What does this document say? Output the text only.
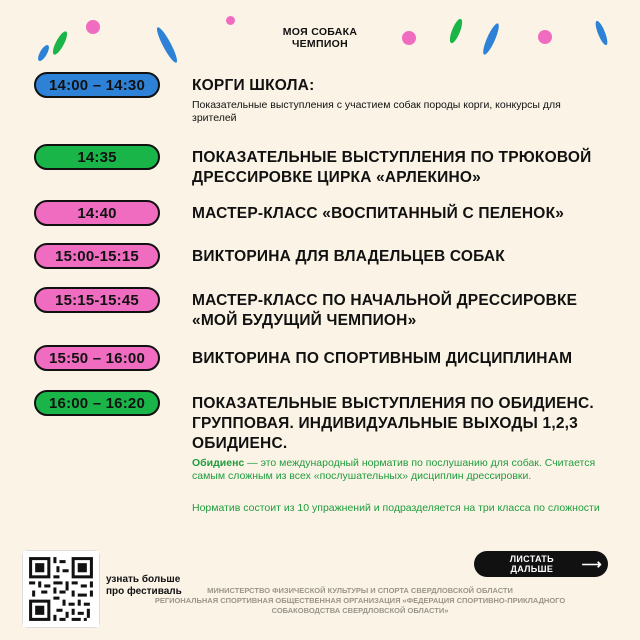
МОЯ СОБАКА
ЧЕМПИОН
14:00 – 14:30	КОРГИ ШКОЛА:
Показательные выступления с участием собак породы корги, конкурсы для зрителей
14:35	ПОКАЗАТЕЛЬНЫЕ ВЫСТУПЛЕНИЯ ПО ТРЮКОВОЙ ДРЕССИРОВКЕ ЦИРКА «АРЛЕКИНО»
14:40	МАСТЕР-КЛАСС «ВОСПИТАННЫЙ С ПЕЛЕНОК»
15:00-15:15	ВИКТОРИНА ДЛЯ ВЛАДЕЛЬЦЕВ СОБАК
15:15-15:45	МАСТЕР-КЛАСС ПО НАЧАЛЬНОЙ ДРЕССИРОВКЕ «МОЙ БУДУЩИЙ ЧЕМПИОН»
15:50 – 16:00	ВИКТОРИНА ПО СПОРТИВНЫМ ДИСЦИПЛИНАМ
16:00 – 16:20	ПОКАЗАТЕЛЬНЫЕ ВЫСТУПЛЕНИЯ ПО ОБИДИЕНС. ГРУППОВАЯ. ИНДИВИДУАЛЬНЫЕ ВЫХОДЫ 1,2,3 ОБИДИЕНС.
Обидиенс — это международный норматив по послушанию для собак. Считается самым сложным из всех «послушательных» дисциплин дрессировки.
Норматив состоит из 10 упражнений и подразделяется на три класса по сложности
узнать больше
про фестиваль
ЛИСТАТЬ ДАЛЬШЕ	⟶
МИНИСТЕРСТВО ФИЗИЧЕСКОЙ КУЛЬТУРЫ И СПОРТА СВЕРДЛОВСКОЙ ОБЛАСТИ
РЕГИОНАЛЬНАЯ СПОРТИВНАЯ ОБЩЕСТВЕННАЯ ОРГАНИЗАЦИЯ «ФЕДЕРАЦИЯ СПОРТИВНО-ПРИКЛАДНОГО
СОБАКОВОДСТВА СВЕРДЛОВСКОЙ ОБЛАСТИ»
